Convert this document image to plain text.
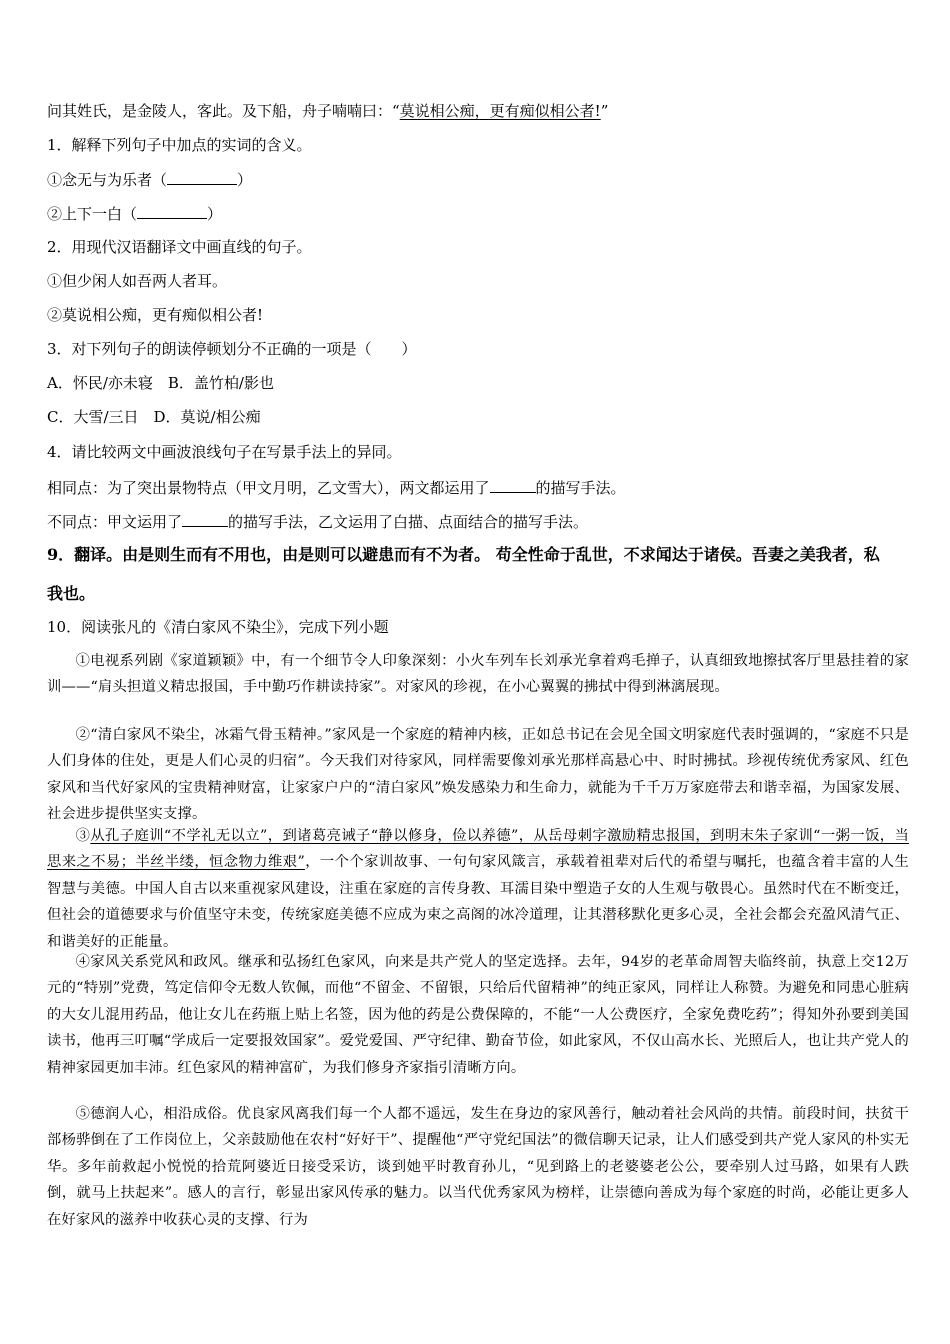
问其姓氏，是金陵人，客此。及下船，舟子喃喃曰：“莫说相公痴，更有痴似相公者!”
1．解释下列句子中加点的实词的含义。
①念无与为乐者（	）
②上下一白（	）
2．用现代汉语翻译文中画直线的句子。
①但少闲人如吾两人者耳。
②莫说相公痴，更有痴似相公者!
3．对下列句子的朗读停顿划分不正确的一项是（　　）
A．怀民/亦未寝　B．盖竹柏/影也
C．大雪/三日　D．莫说/相公痴
4．请比较两文中画波浪线句子在写景手法上的异同。
相同点：为了突出景物特点（甲文月明，乙文雪大），两文都运用了	的描写手法。
不同点：甲文运用了	的描写手法，乙文运用了白描、点面结合的描写手法。
9．翻译。由是则生而有不用也，由是则可以避患而有不为者。 苟全性命于乱世，不求闻达于诸侯。吾妻之美我者，私
我也。
10．阅读张凡的《清白家风不染尘》，完成下列小题
①电视系列剧《家道颖颖》中，有一个细节令人印象深刻：小火车列车长刘承光拿着鸡毛掸子，认真细致地擦拭客厅里悬挂着的家训——“肩头担道义精忠报国，手中勤巧作耕读持家”。对家风的珍视，在小心翼翼的拂拭中得到淋漓展现。
②“清白家风不染尘，冰霜气骨玉精神。”家风是一个家庭的精神内核，正如总书记在会见全国文明家庭代表时强调的，“家庭不只是人们身体的住处，更是人们心灵的归宿”。今天我们对待家风，同样需要像刘承光那样高悬心中、时时拂拭。珍视传统优秀家风、红色家风和当代好家风的宝贵精神财富，让家家户户的“清白家风”焕发感染力和生命力，就能为千千万万家庭带去和谐幸福，为国家发展、社会进步提供坚实支撑。
③从孔子庭训“不学礼无以立”，到诸葛亮诫子“静以修身，俭以养德”，从岳母刺字激励精忠报国，到明末朱子家训“一粥一饭，当思来之不易；半丝半缕，恒念物力维艰”，一个个家训故事、一句句家风箴言，承载着祖辈对后代的希望与嘱托，也蕴含着丰富的人生智慧与美德。中国人自古以来重视家风建设，注重在家庭的言传身教、耳濡目染中塑造子女的人生观与敬畏心。虽然时代在不断变迁，但社会的道德要求与价值坚守未变，传统家庭美德不应成为束之高阁的冰冷道理，让其潜移默化更多心灵，全社会都会充盈风清气正、和谐美好的正能量。
④家风关系党风和政风。继承和弘扬红色家风，向来是共产党人的坚定选择。去年，94岁的老革命周智夫临终前，执意上交12万元的“特别”党费，笃定信仰令无数人钦佩，而他“不留金、不留银，只给后代留精神”的纯正家风，同样让人称赞。为避免和同患心脏病的大女儿混用药品，他让女儿在药瓶上贴上名签，因为他的药是公费保障的，不能“一人公费医疗，全家免费吃药”；得知外孙要到美国读书，他再三叮嘱“学成后一定要报效国家”。爱党爱国、严守纪律、勤奋节俭，如此家风，不仅山高水长、光照后人，也让共产党人的精神家园更加丰沛。红色家风的精神富矿，为我们修身齐家指引清晰方向。
⑤德润人心，相沿成俗。优良家风离我们每一个人都不遥远，发生在身边的家风善行，触动着社会风尚的共情。前段时间，扶贫干部杨骅倒在了工作岗位上，父亲鼓励他在农村“好好干”、提醒他“严守党纪国法”的微信聊天记录，让人们感受到共产党人家风的朴实无华。多年前救起小悦悦的拾荒阿婆近日接受采访，谈到她平时教育孙儿，“见到路上的老婆婆老公公，要牵别人过马路，如果有人跌倒，就马上扶起来”。感人的言行，彰显出家风传承的魅力。以当代优秀家风为榜样，让崇德向善成为每个家庭的时尚，必能让更多人在好家风的滋养中收获心灵的支撑、行为
